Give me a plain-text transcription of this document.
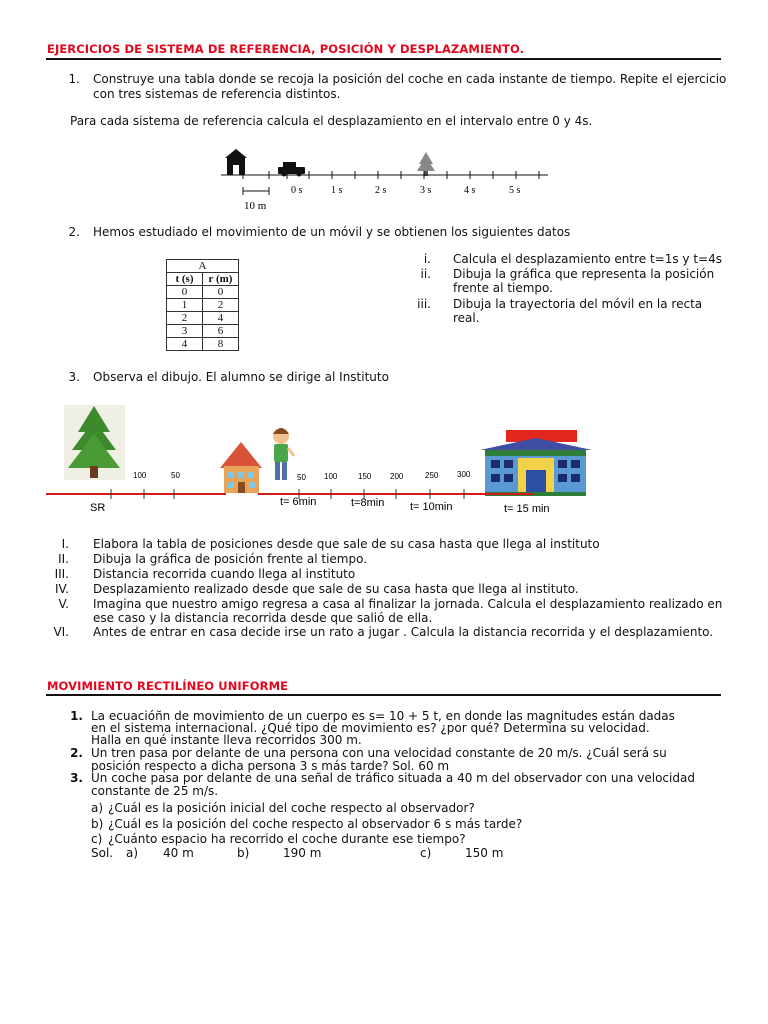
EJERCICIOS DE SISTEMA DE REFERENCIA, POSICIÓN Y DESPLAZAMIENTO.
1. Construye una tabla donde se recoja la posición del coche en cada instante de tiempo. Repite el ejercicio
con tres sistemas de referencia distintos.
Para cada sistema de referencia calcula el desplazamiento en el intervalo entre 0 y 4s.
0 s	1 s	2 s	3 s	4 s	5 s
10 m
2. Hemos estudiado el movimiento de un móvil y se obtienen los siguientes datos
A	
t (s)	r (m)
0	0
1	2
2	4
3	6
4	8
i. Calcula el desplazamiento entre t=1s y t=4s
ii. Dibuja la gráfica que representa la posición
frente al tiempo.
iii. Dibuja la trayectoria del móvil en la recta
real.
3. Observa el dibujo. El alumno se dirige al Instituto
100	50	50 100	150 200	250 300
SR	t= 6min	t=8min t= 10min	t= 15 min
I. Elabora la tabla de posiciones desde que sale de su casa hasta que llega al instituto
II. Dibuja la gráfica de posición frente al tiempo.
III. Distancia recorrida cuando llega al instituto
IV. Desplazamiento realizado desde que sale de su casa hasta que llega al instituto.
V. Imagina que nuestro amigo regresa a casa al finalizar la jornada. Calcula el desplazamiento realizado en
ese caso y la distancia recorrida desde que salió de ella.
VI. Antes de entrar en casa decide irse un rato a jugar . Calcula la distancia recorrida y el desplazamiento.
MOVIMIENTO RECTILÍNEO UNIFORME
1. La ecuacióñn de movimiento de un cuerpo es s= 10 + 5 t, en donde las magnitudes están dadas
en el sistema internacional. ¿Qué tipo de movimiento es? ¿por qué? Determina su velocidad.
Halla en qué instante lleva recorridos 300 m.
2. Un tren pasa por delante de una persona con una velocidad constante de 20 m/s. ¿Cuál será su
posición respecto a dicha persona 3 s más tarde? Sol. 60 m
3. Un coche pasa por delante de una señal de tráfico situada a 40 m del observador con una velocidad
constante de 25 m/s.
a) ¿Cuál es la posición inicial del coche respecto al observador?
b) ¿Cuál es la posición del coche respecto al observador 6 s más tarde?
c) ¿Cuánto espacio ha recorrido el coche durante ese tiempo?
Sol. a) 40 m	b)	190 m	c)	150 m
